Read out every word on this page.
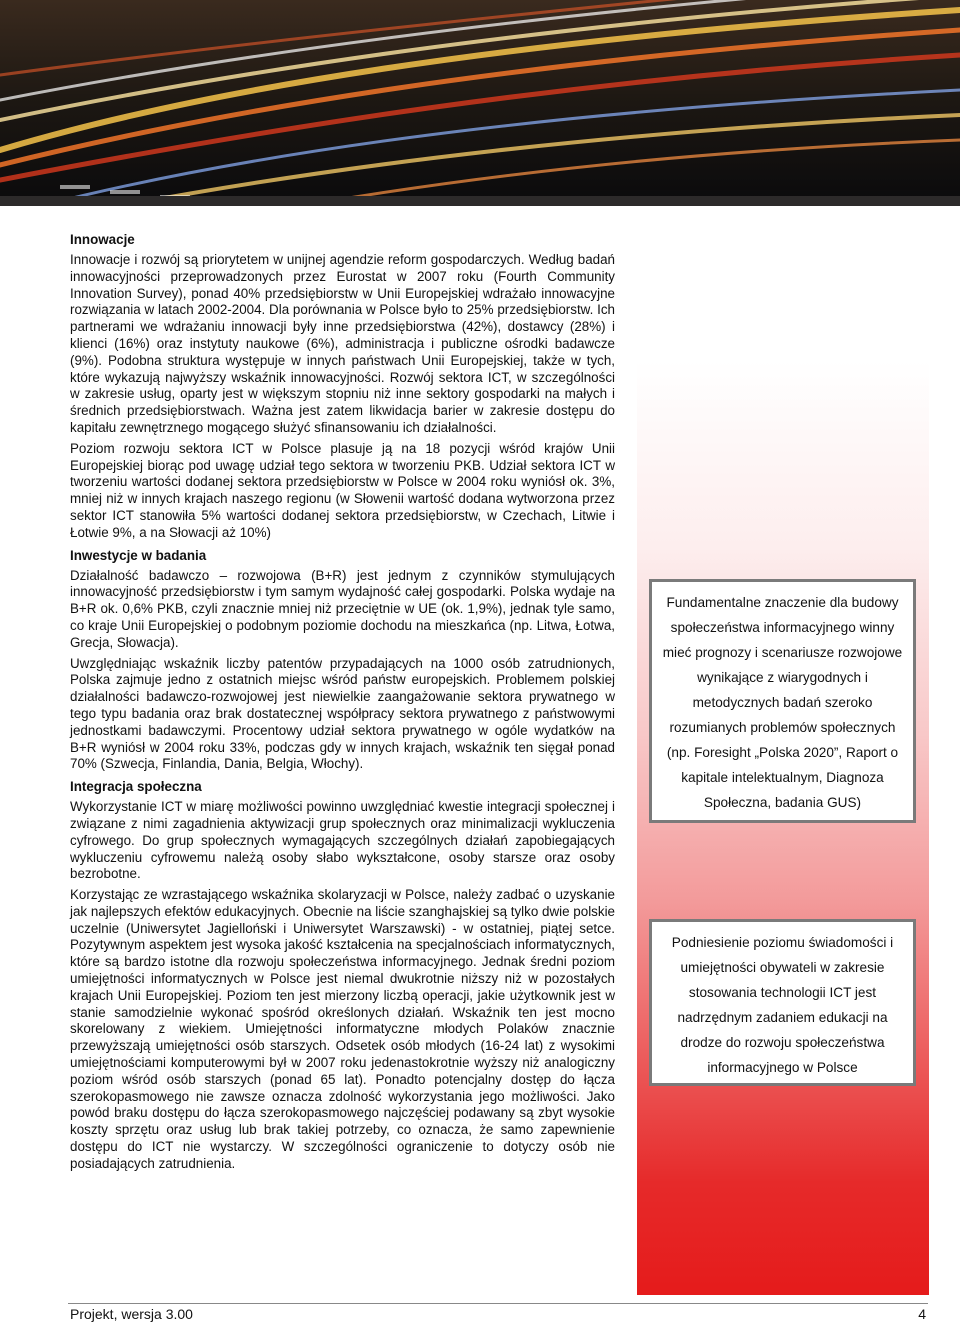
Innowacje

Innowacje i rozwój są priorytetem w unijnej agendzie reform gospodarczych. Według badań innowacyjności przeprowadzonych przez Eurostat w 2007 roku (Fourth Community Innovation Survey), ponad 40% przedsiębiorstw w Unii Europejskiej wdrażało innowacyjne rozwiązania w latach 2002-2004. Dla porównania w Polsce było to 25% przedsiębiorstw. Ich partnerami we wdrażaniu innowacji były inne przedsiębiorstwa (42%), dostawcy (28%) i klienci (16%) oraz instytuty naukowe (6%), administracja i publiczne ośrodki badawcze (9%). Podobna struktura występuje w innych państwach Unii Europejskiej, także w tych, które wykazują najwyższy wskaźnik innowacyjności. Rozwój sektora ICT, w szczególności w zakresie usług, oparty jest w większym stopniu niż inne sektory gospodarki na małych i średnich przedsiębiorstwach. Ważna jest zatem likwidacja barier w zakresie dostępu do kapitału zewnętrznego mogącego służyć sfinansowaniu ich działalności.

Poziom rozwoju sektora ICT w Polsce plasuje ją na 18 pozycji wśród krajów Unii Europejskiej biorąc pod uwagę udział tego sektora w tworzeniu PKB. Udział sektora ICT w tworzeniu wartości dodanej sektora przedsiębiorstw w Polsce w 2004 roku wyniósł ok. 3%, mniej niż w innych krajach naszego regionu (w Słowenii wartość dodana wytworzona przez sektor ICT stanowiła 5% wartości dodanej sektora przedsiębiorstw, w Czechach, Litwie i Łotwie 9%, a na Słowacji aż 10%)

Inwestycje w badania

Działalność badawczo – rozwojowa (B+R) jest jednym z czynników stymulujących innowacyjność przedsiębiorstw i tym samym wydajność całej gospodarki. Polska wydaje na B+R ok. 0,6% PKB, czyli znacznie mniej niż przeciętnie w UE (ok. 1,9%), jednak tyle samo, co kraje Unii Europejskiej o podobnym poziomie dochodu na mieszkańca (np. Litwa, Łotwa, Grecja, Słowacja).

Uwzględniając wskaźnik liczby patentów przypadających na 1000 osób zatrudnionych, Polska zajmuje jedno z ostatnich miejsc wśród państw europejskich. Problemem polskiej działalności badawczo-rozwojowej jest niewielkie zaangażowanie sektora prywatnego w tego typu badania oraz brak dostatecznej współpracy sektora prywatnego z państwowymi jednostkami badawczymi. Procentowy udział sektora prywatnego w ogóle wydatków na B+R wyniósł w 2004 roku 33%, podczas gdy w innych krajach, wskaźnik ten sięgał ponad 70% (Szwecja, Finlandia, Dania, Belgia, Włochy).

Integracja społeczna

Wykorzystanie ICT w miarę możliwości powinno uwzględniać kwestie integracji społecznej i związane z nimi zagadnienia aktywizacji grup społecznych oraz minimalizacji wykluczenia cyfrowego. Do grup społecznych wymagających szczególnych działań zapobiegających wykluczeniu cyfrowemu należą osoby słabo wykształcone, osoby starsze oraz osoby bezrobotne.

Korzystając ze wzrastającego wskaźnika skolaryzacji w Polsce, należy zadbać o uzyskanie jak najlepszych efektów edukacyjnych. Obecnie na liście szanghajskiej są tylko dwie polskie uczelnie (Uniwersytet Jagielloński i Uniwersytet Warszawski) - w ostatniej, piątej setce. Pozytywnym aspektem jest wysoka jakość kształcenia na specjalnościach informatycznych, które są bardzo istotne dla rozwoju społeczeństwa informacyjnego. Jednak średni poziom umiejętności informatycznych w Polsce jest niemal dwukrotnie niższy niż w pozostałych krajach Unii Europejskiej. Poziom ten jest mierzony liczbą operacji, jakie użytkownik jest w stanie samodzielnie wykonać spośród określonych działań. Wskaźnik ten jest mocno skorelowany z wiekiem. Umiejętności informatyczne młodych Polaków znacznie przewyższają umiejętności osób starszych. Odsetek osób młodych (16-24 lat) z wysokimi umiejętnościami komputerowymi był w 2007 roku jedenastokrotnie wyższy niż analogiczny poziom wśród osób starszych (ponad 65 lat). Ponadto potencjalny dostęp do łącza szerokopasmowego nie zawsze oznacza zdolność wykorzystania jego możliwości. Jako powód braku dostępu do łącza szerokopasmowego najczęściej podawany są zbyt wysokie koszty sprzętu oraz usług lub brak takiej potrzeby, co oznacza, że samo zapewnienie dostępu do ICT nie wystarczy. W szczególności ograniczenie to dotyczy osób nie posiadających zatrudnienia.

Fundamentalne znaczenie dla budowy społeczeństwa informacyjnego winny mieć prognozy i scenariusze rozwojowe wynikające z wiarygodnych i metodycznych badań szeroko rozumianych problemów społecznych (np. Foresight „Polska 2020”, Raport o kapitale intelektualnym, Diagnoza Społeczna, badania GUS)
Podniesienie poziomu świadomości i umiejętności obywateli w zakresie stosowania technologii ICT jest nadrzędnym zadaniem edukacji na drodze do rozwoju społeczeństwa informacyjnego w Polsce
Projekt, wersja 3.00	4
